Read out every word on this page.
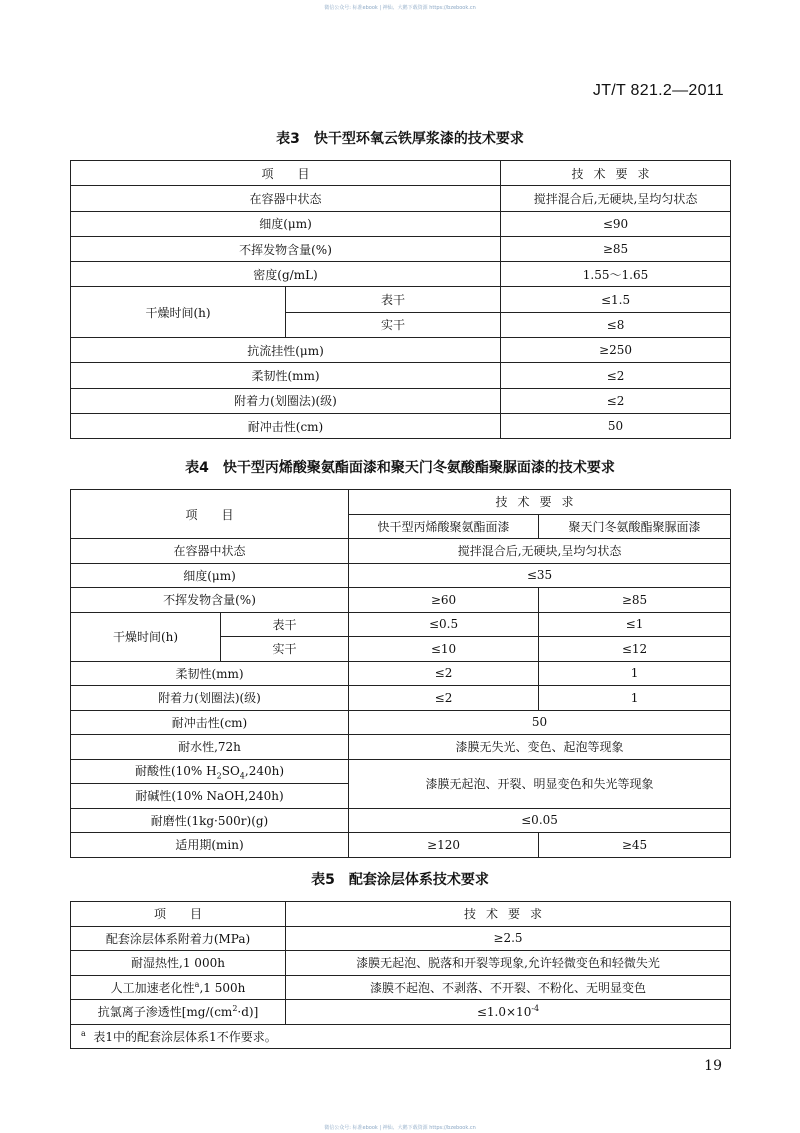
微信公众号: 标准ebook | 神仙、大鹅下载资源 https://bzebook.cn
JT/T 821.2—2011
表3　快干型环氧云铁厚浆漆的技术要求
项　　目		技术要求
在容器中状态		搅拌混合后,无硬块,呈均匀状态
细度(μm)		≤90
不挥发物含量(%)		≥85
密度(g/mL)		1.55～1.65
干燥时间(h)	表干	≤1.5
	实干	≤8
抗流挂性(μm)		≥250
柔韧性(mm)		≤2
附着力(划圈法)(级)		≤2
耐冲击性(cm)		50
表4　快干型丙烯酸聚氨酯面漆和聚天门冬氨酸酯聚脲面漆的技术要求
项　　目		技术要求	
		快干型丙烯酸聚氨酯面漆	聚天门冬氨酸酯聚脲面漆
在容器中状态		搅拌混合后,无硬块,呈均匀状态	
细度(μm)		≤35	
不挥发物含量(%)		≥60	≥85
干燥时间(h)	表干	≤0.5	≤1
	实干	≤10	≤12
柔韧性(mm)		≤2	1
附着力(划圈法)(级)		≤2	1
耐冲击性(cm)		50	
耐水性,72h		漆膜无失光、变色、起泡等现象	
耐酸性(10% $H_2SO_4,240h$)		漆膜无起泡、开裂、明显变色和失光等现象	
耐碱性(10% NaOH,240h)			
耐磨性(1kg·500r)(g)		≤0.05	
适用期(min)		≥120	≥45
表5　配套涂层体系技术要求
项　　目	技术要求
配套涂层体系附着力(MPa)	≥2.5
耐湿热性,1 000h	漆膜无起泡、脱落和开裂等现象,允许轻微变色和轻微失光
人工加速老化性$^a$,1 500h	漆膜不起泡、不剥落、不开裂、不粉化、无明显变色
抗氯离子渗透性$[mg/(cm^2\cdot d)]$	$\le 1.0\times 10^{-4}$
$^a$ 表1中的配套涂层体系1不作要求。	
19
微信公众号: 标准ebook | 神仙、大鹅下载资源 https://bzebook.cn
